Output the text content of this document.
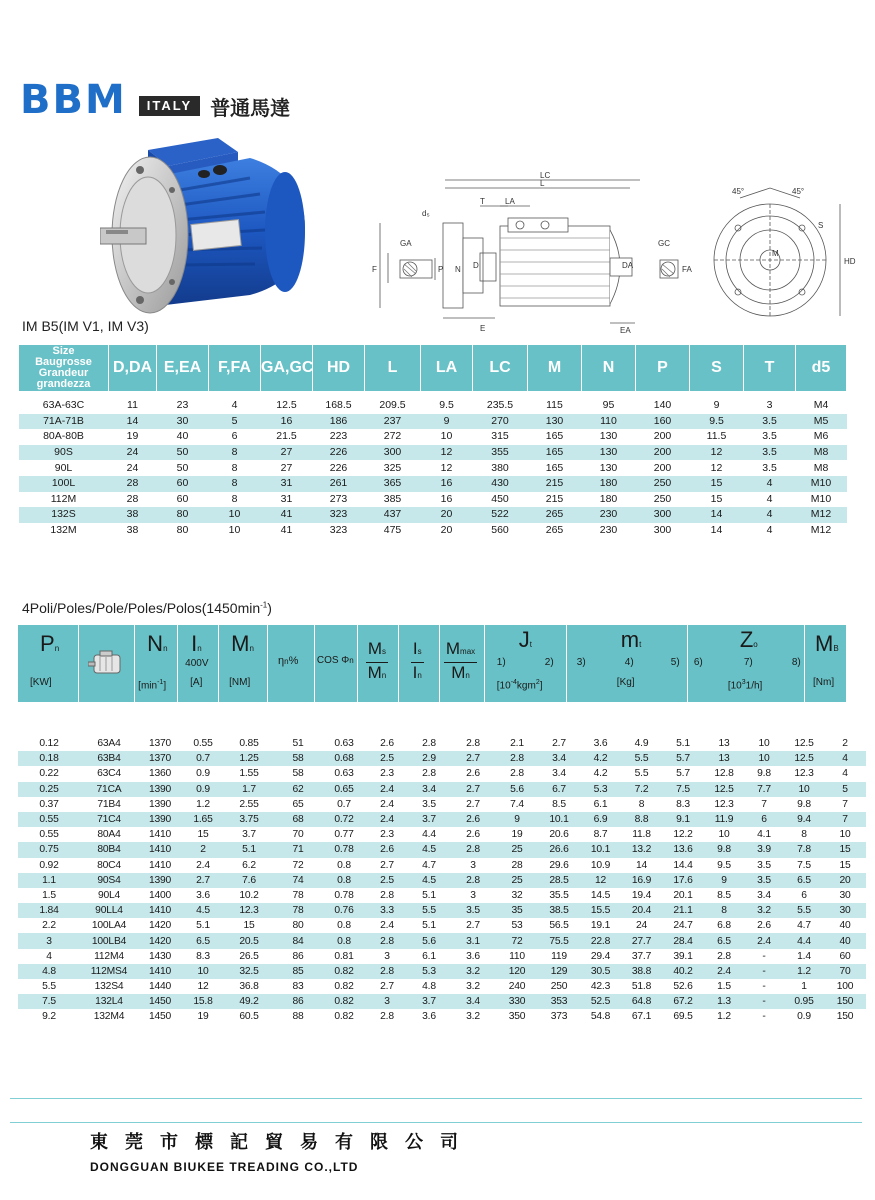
BBM	ITALY 普通馬達
LC
L
d₅
T	LA
GA	GC
F	FA
P N D	DA
E	EA
45°	45°
S
M
HD
IM B5(IM V1, IM V3)
Size
Baugrosse
Grandeur
grandezza	D,DA	E,EA	F,FA	GA,GC	HD	L	LA	LC	M	N	P	S	T	d5
63A-63C	11	23	4	12.5	168.5	209.5	9.5	235.5	115	95	140	9	3	M4
71A-71B	14	30	5	16	186	237	9	270	130	110	160	9.5	3.5	M5
80A-80B	19	40	6	21.5	223	272	10	315	165	130	200	11.5	3.5	M6
90S	24	50	8	27	226	300	12	355	165	130	200	12	3.5	M8
90L	24	50	8	27	226	325	12	380	165	130	200	12	3.5	M8
100L	28	60	8	31	261	365	16	430	215	180	250	15	4	M10
112M	28	60	8	31	273	385	16	450	215	180	250	15	4	M10
132S	38	80	10	41	323	437	20	522	265	230	300	14	4	M12
132M	38	80	10	41	323	475	20	560	265	230	300	14	4	M12
$4Poli/Poles/Pole/Poles/Polos(1450\min^{-1})$
Pn
[KW]
Nn
$[\min^{-1}]$
In
400V
[A]
Mn
[NM]
ηn% COS Φn $\frac{Ms}{Mn} \frac{Is}{In}$ Mmax
Mn
Jt
1)	2)
$[10^{-4}kgm^2]$
mt
3)	4)	5)
[Kg]
Zo
6)	7)	8)
$[10^31/h]$
MB
[Nm]
0.12	63A4	1370	0.55	0.85	51	0.63	2.6	2.8	2.8	2.1	2.7	3.6	4.9	5.1	13	10	12.5	2
0.18	63B4	1370	0.7	1.25	58	0.68	2.5	2.9	2.7	2.8	3.4	4.2	5.5	5.7	13	10	12.5	4
0.22	63C4	1360	0.9	1.55	58	0.63	2.3	2.8	2.6	2.8	3.4	4.2	5.5	5.7	12.8	9.8	12.3	4
0.25	71CA	1390	0.9	1.7	62	0.65	2.4	3.4	2.7	5.6	6.7	5.3	7.2	7.5	12.5	7.7	10	5
0.37	71B4	1390	1.2	2.55	65	0.7	2.4	3.5	2.7	7.4	8.5	6.1	8	8.3	12.3	7	9.8	7
0.55	71C4	1390	1.65	3.75	68	0.72	2.4	3.7	2.6	9	10.1	6.9	8.8	9.1	11.9	6	9.4	7
0.55	80A4	1410	15	3.7	70	0.77	2.3	4.4	2.6	19	20.6	8.7	11.8	12.2	10	4.1	8	10
0.75	80B4	1410	2	5.1	71	0.78	2.6	4.5	2.8	25	26.6	10.1	13.2	13.6	9.8	3.9	7.8	15
0.92	80C4	1410	2.4	6.2	72	0.8	2.7	4.7	3	28	29.6	10.9	14	14.4	9.5	3.5	7.5	15
1.1	90S4	1390	2.7	7.6	74	0.8	2.5	4.5	2.8	25	28.5	12	16.9	17.6	9	3.5	6.5	20
1.5	90L4	1400	3.6	10.2	78	0.78	2.8	5.1	3	32	35.5	14.5	19.4	20.1	8.5	3.4	6	30
1.84	90LL4	1410	4.5	12.3	78	0.76	3.3	5.5	3.5	35	38.5	15.5	20.4	21.1	8	3.2	5.5	30
2.2	100LA4	1420	5.1	15	80	0.8	2.4	5.1	2.7	53	56.5	19.1	24	24.7	6.8	2.6	4.7	40
3	100LB4	1420	6.5	20.5	84	0.8	2.8	5.6	3.1	72	75.5	22.8	27.7	28.4	6.5	2.4	4.4	40
4	112M4	1430	8.3	26.5	86	0.81	3	6.1	3.6	110	119	29.4	37.7	39.1	2.8	-	1.4	60
4.8	112MS4	1410	10	32.5	85	0.82	2.8	5.3	3.2	120	129	30.5	38.8	40.2	2.4	-	1.2	70
5.5	132S4	1440	12	36.8	83	0.82	2.7	4.8	3.2	240	250	42.3	51.8	52.6	1.5	-	1	100
7.5	132L4	1450	15.8	49.2	86	0.82	3	3.7	3.4	330	353	52.5	64.8	67.2	1.3	-	0.95	150
9.2	132M4	1450	19	60.5	88	0.82	2.8	3.6	3.2	350	373	54.8	67.1	69.5	1.2	-	0.9	150
東 莞 市 標 記 貿 易 有 限 公 司
DONGGUAN BIUKEE TREADING CO.,LTD
